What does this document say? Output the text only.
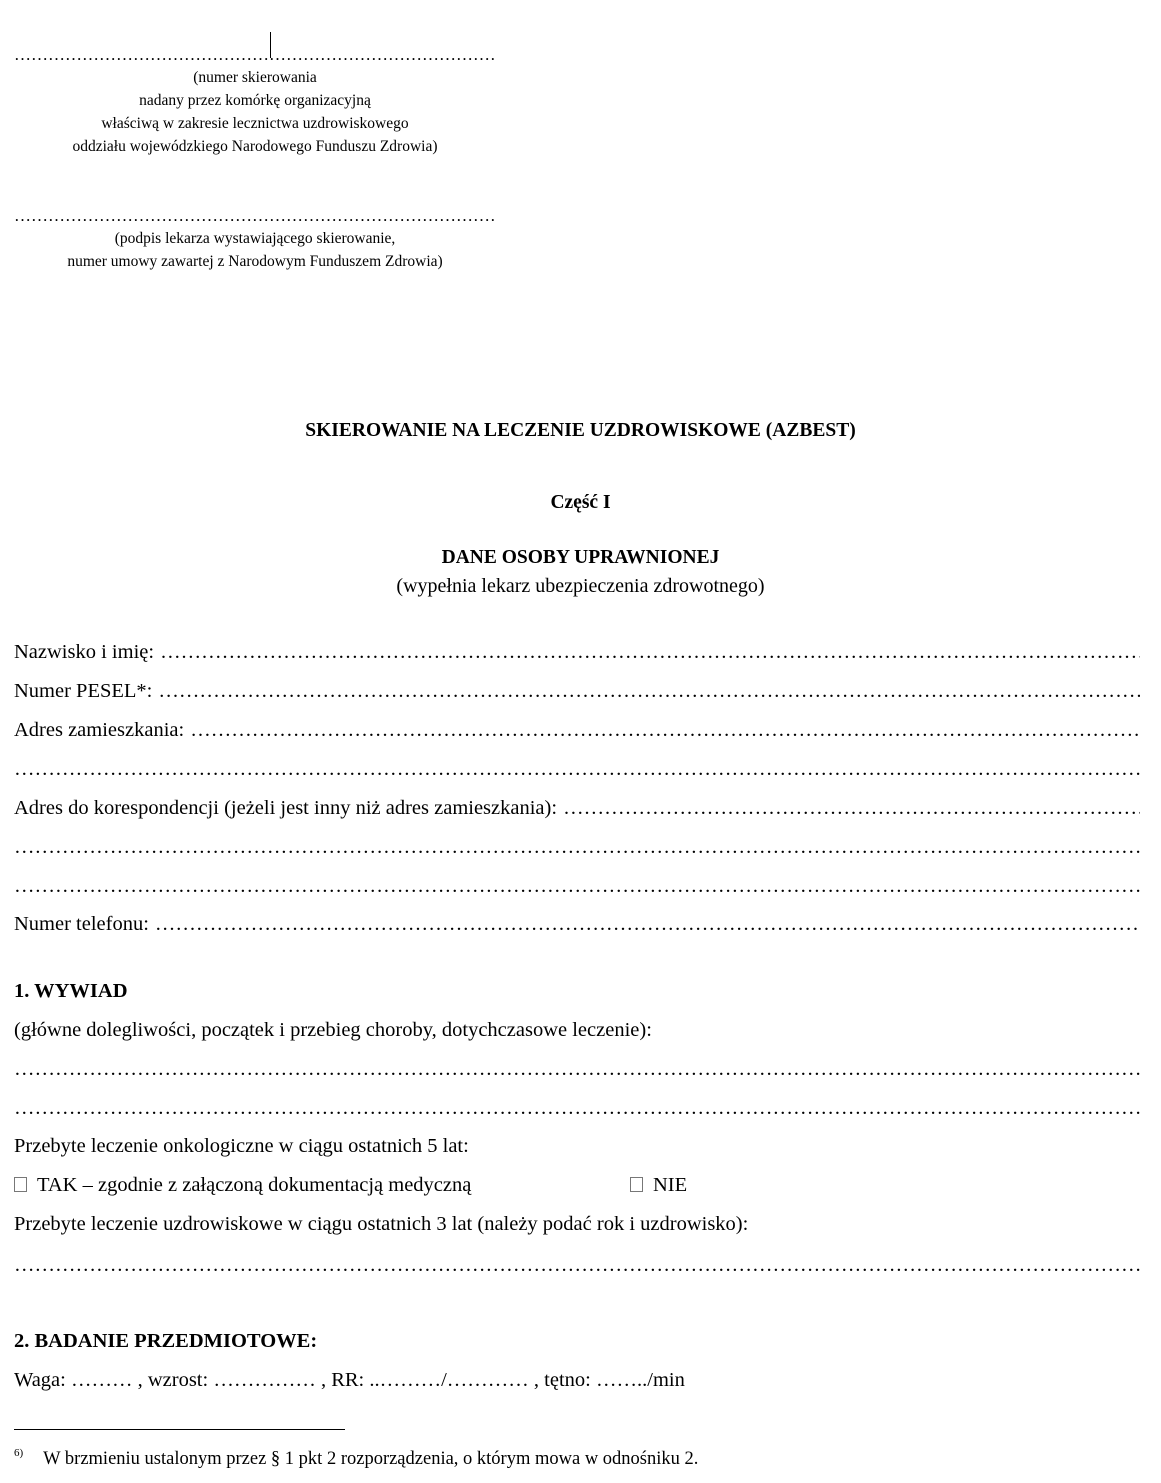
…………………………………………………………………………………………………………………………………………………………………………………………………………
(numer skierowania
nadany przez komórkę organizacyjną
właściwą w zakresie lecznictwa uzdrowiskowego
oddziału wojewódzkiego Narodowego Funduszu Zdrowia)
…………………………………………………………………………………………………………………………………………………………………………………………………………
(podpis lekarza wystawiającego skierowanie,
numer umowy zawartej z Narodowym Funduszem Zdrowia)
SKIEROWANIE NA LECZENIE UZDROWISKOWE (AZBEST)
Część I
DANE OSOBY UPRAWNIONEJ
(wypełnia lekarz ubezpieczenia zdrowotnego)
Nazwisko i imię:
…………………………………………………………………………………………………………………………………………………………………………………………………………
Numer PESEL*:
…………………………………………………………………………………………………………………………………………………………………………………………………………
Adres zamieszkania:
…………………………………………………………………………………………………………………………………………………………………………………………………………
…………………………………………………………………………………………………………………………………………………………………………………………………………
Adres do korespondencji (jeżeli jest inny niż adres zamieszkania):
…………………………………………………………………………………………………………………………………………………………………………………………………………
…………………………………………………………………………………………………………………………………………………………………………………………………………
…………………………………………………………………………………………………………………………………………………………………………………………………………
Numer telefonu:
…………………………………………………………………………………………………………………………………………………………………………………………………………
1. WYWIAD
(główne dolegliwości, początek i przebieg choroby, dotychczasowe leczenie):
…………………………………………………………………………………………………………………………………………………………………………………………………………
…………………………………………………………………………………………………………………………………………………………………………………………………………
Przebyte leczenie onkologiczne w ciągu ostatnich 5 lat:
TAK – zgodnie z załączoną dokumentacją medyczną	NIE
Przebyte leczenie uzdrowiskowe w ciągu ostatnich 3 lat (należy podać rok i uzdrowisko):
…………………………………………………………………………………………………………………………………………………………………………………………………………
2. BADANIE PRZEDMIOTOWE:
Waga: ……… , wzrost: …………… , RR: ..………/………… , tętno: ……../min
$^{6)}$ W brzmieniu ustalonym przez § 1 pkt 2 rozporządzenia, o którym mowa w odnośniku 2.
